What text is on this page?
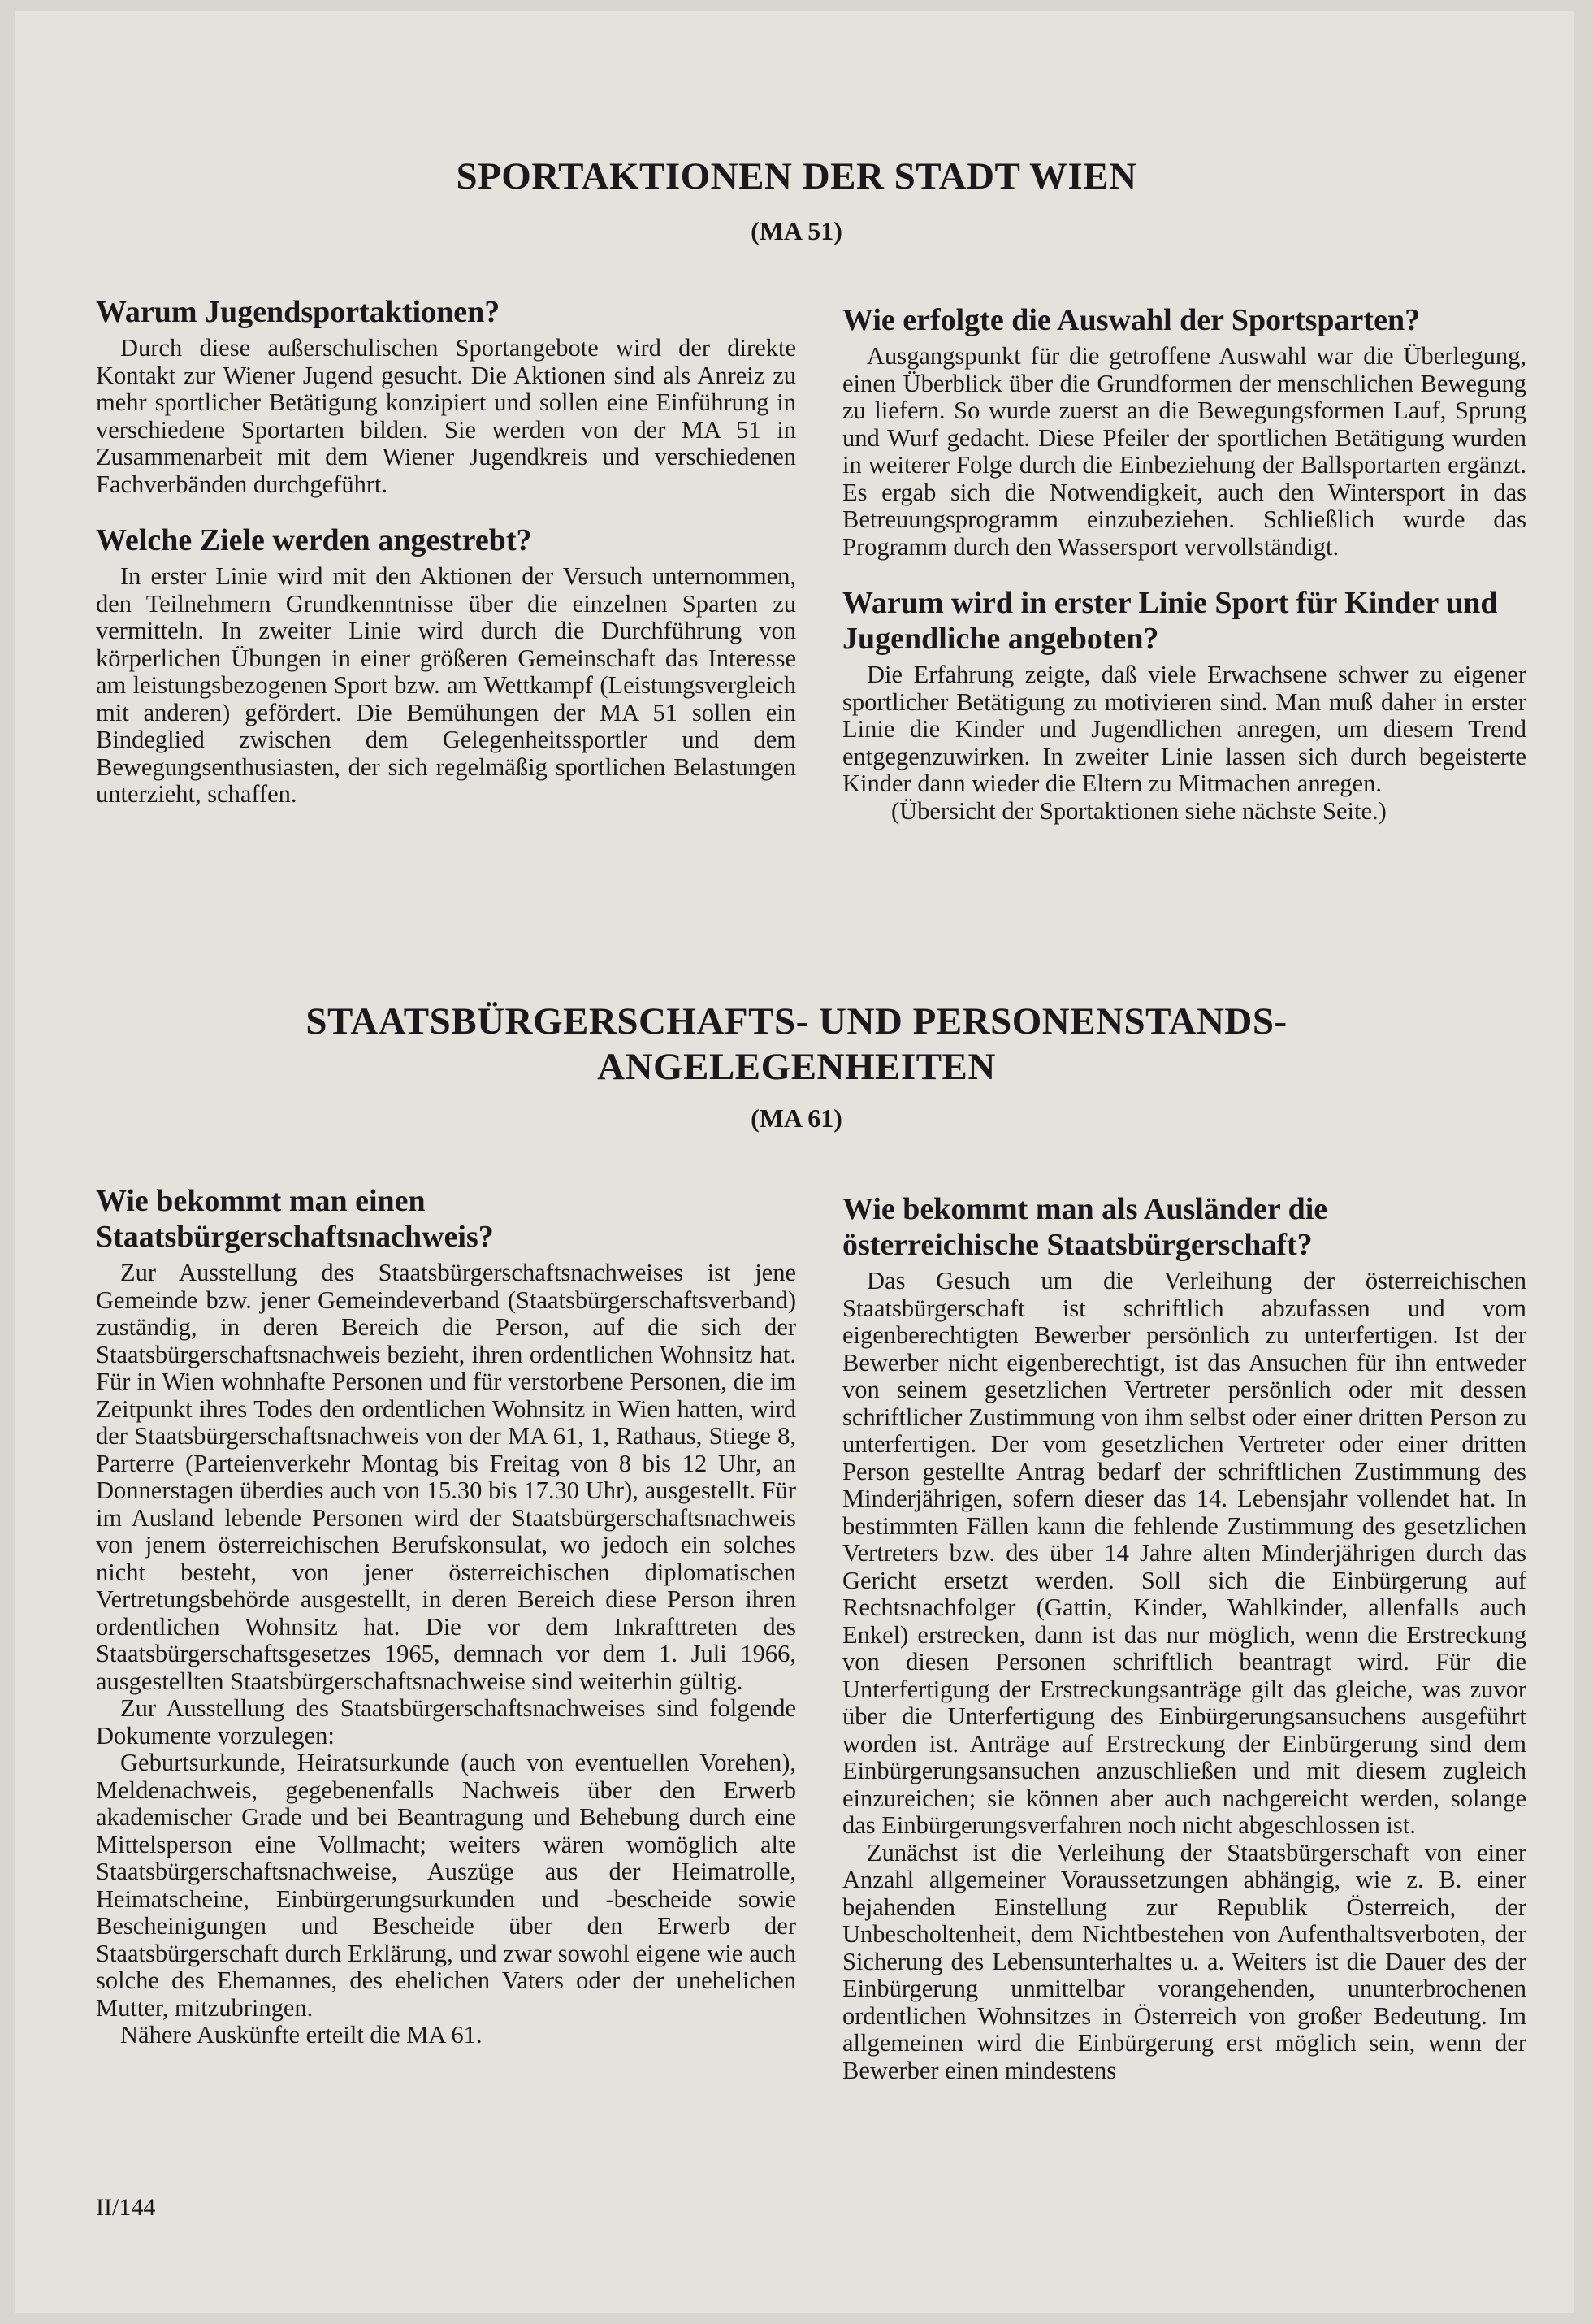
SPORTAKTIONEN DER STADT WIEN
(MA 51)
Warum Jugendsportaktionen?

Durch diese außerschulischen Sportangebote wird der direkte Kontakt zur Wiener Jugend gesucht. Die Aktionen sind als Anreiz zu mehr sportlicher Betätigung konzipiert und sollen eine Einführung in verschiedene Sportarten bilden. Sie werden von der MA 51 in Zusammenarbeit mit dem Wiener Jugendkreis und verschiedenen Fachverbänden durchgeführt.

Welche Ziele werden angestrebt?

In erster Linie wird mit den Aktionen der Versuch unternommen, den Teilnehmern Grundkenntnisse über die einzelnen Sparten zu vermitteln. In zweiter Linie wird durch die Durchführung von körperlichen Übungen in einer größeren Gemeinschaft das Interesse am leistungsbezogenen Sport bzw. am Wettkampf (Leistungsvergleich mit anderen) gefördert. Die Bemühungen der MA 51 sollen ein Bindeglied zwischen dem Gelegenheitssportler und dem Bewegungsenthusiasten, der sich regelmäßig sportlichen Belastungen unterzieht, schaffen.

Wie erfolgte die Auswahl der Sportsparten?

Ausgangspunkt für die getroffene Auswahl war die Überlegung, einen Überblick über die Grundformen der menschlichen Bewegung zu liefern. So wurde zuerst an die Bewegungsformen Lauf, Sprung und Wurf gedacht. Diese Pfeiler der sportlichen Betätigung wurden in weiterer Folge durch die Einbeziehung der Ballsportarten ergänzt. Es ergab sich die Notwendigkeit, auch den Wintersport in das Betreuungsprogramm einzubeziehen. Schließlich wurde das Programm durch den Wassersport vervollständigt.

Warum wird in erster Linie Sport für Kinder und Jugendliche angeboten?

Die Erfahrung zeigte, daß viele Erwachsene schwer zu eigener sportlicher Betätigung zu motivieren sind. Man muß daher in erster Linie die Kinder und Jugendlichen anregen, um diesem Trend entgegenzuwirken. In zweiter Linie lassen sich durch begeisterte Kinder dann wieder die Eltern zu Mitmachen anregen.

(Übersicht der Sportaktionen siehe nächste Seite.)

STAATSBÜRGERSCHAFTS- UND PERSONENSTANDS-
ANGELEGENHEITEN
(MA 61)
Wie bekommt man einen Staatsbürgerschaftsnachweis?

Zur Ausstellung des Staatsbürgerschaftsnachweises ist jene Gemeinde bzw. jener Gemeindeverband (Staatsbürgerschaftsverband) zuständig, in deren Bereich die Person, auf die sich der Staatsbürgerschaftsnachweis bezieht, ihren ordentlichen Wohnsitz hat. Für in Wien wohnhafte Personen und für verstorbene Personen, die im Zeitpunkt ihres Todes den ordentlichen Wohnsitz in Wien hatten, wird der Staatsbürgerschaftsnachweis von der MA 61, 1, Rathaus, Stiege 8, Parterre (Parteienverkehr Montag bis Freitag von 8 bis 12 Uhr, an Donnerstagen überdies auch von 15.30 bis 17.30 Uhr), ausgestellt. Für im Ausland lebende Personen wird der Staatsbürgerschaftsnachweis von jenem österreichischen Berufskonsulat, wo jedoch ein solches nicht besteht, von jener österreichischen diplomatischen Vertretungsbehörde ausgestellt, in deren Bereich diese Person ihren ordentlichen Wohnsitz hat. Die vor dem Inkrafttreten des Staatsbürgerschaftsgesetzes 1965, demnach vor dem 1. Juli 1966, ausgestellten Staatsbürgerschaftsnachweise sind weiterhin gültig.

Zur Ausstellung des Staatsbürgerschaftsnachweises sind folgende Dokumente vorzulegen:

Geburtsurkunde, Heiratsurkunde (auch von eventuellen Vorehen), Meldenachweis, gegebenenfalls Nachweis über den Erwerb akademischer Grade und bei Beantragung und Behebung durch eine Mittelsperson eine Vollmacht; weiters wären womöglich alte Staatsbürgerschaftsnachweise, Auszüge aus der Heimatrolle, Heimatscheine, Einbürgerungsurkunden und -bescheide sowie Bescheinigungen und Bescheide über den Erwerb der Staatsbürgerschaft durch Erklärung, und zwar sowohl eigene wie auch solche des Ehemannes, des ehelichen Vaters oder der unehelichen Mutter, mitzubringen.

Nähere Auskünfte erteilt die MA 61.

Wie bekommt man als Ausländer die österreichische Staatsbürgerschaft?

Das Gesuch um die Verleihung der österreichischen Staatsbürgerschaft ist schriftlich abzufassen und vom eigenberechtigten Bewerber persönlich zu unterfertigen. Ist der Bewerber nicht eigenberechtigt, ist das Ansuchen für ihn entweder von seinem gesetzlichen Vertreter persönlich oder mit dessen schriftlicher Zustimmung von ihm selbst oder einer dritten Person zu unterfertigen. Der vom gesetzlichen Vertreter oder einer dritten Person gestellte Antrag bedarf der schriftlichen Zustimmung des Minderjährigen, sofern dieser das 14. Lebensjahr vollendet hat. In bestimmten Fällen kann die fehlende Zustimmung des gesetzlichen Vertreters bzw. des über 14 Jahre alten Minderjährigen durch das Gericht ersetzt werden. Soll sich die Einbürgerung auf Rechtsnachfolger (Gattin, Kinder, Wahlkinder, allenfalls auch Enkel) erstrecken, dann ist das nur möglich, wenn die Erstreckung von diesen Personen schriftlich beantragt wird. Für die Unterfertigung der Erstreckungsanträge gilt das gleiche, was zuvor über die Unterfertigung des Einbürgerungsansuchens ausgeführt worden ist. Anträge auf Erstreckung der Einbürgerung sind dem Einbürgerungsansuchen anzuschließen und mit diesem zugleich einzureichen; sie können aber auch nachgereicht werden, solange das Einbürgerungsverfahren noch nicht abgeschlossen ist.

Zunächst ist die Verleihung der Staatsbürgerschaft von einer Anzahl allgemeiner Voraussetzungen abhängig, wie z. B. einer bejahenden Einstellung zur Republik Österreich, der Unbescholtenheit, dem Nichtbestehen von Aufenthaltsverboten, der Sicherung des Lebensunterhaltes u. a. Weiters ist die Dauer des der Einbürgerung unmittelbar vorangehenden, ununterbrochenen ordentlichen Wohnsitzes in Österreich von großer Bedeutung. Im allgemeinen wird die Einbürgerung erst möglich sein, wenn der Bewerber einen mindestens

II/144
